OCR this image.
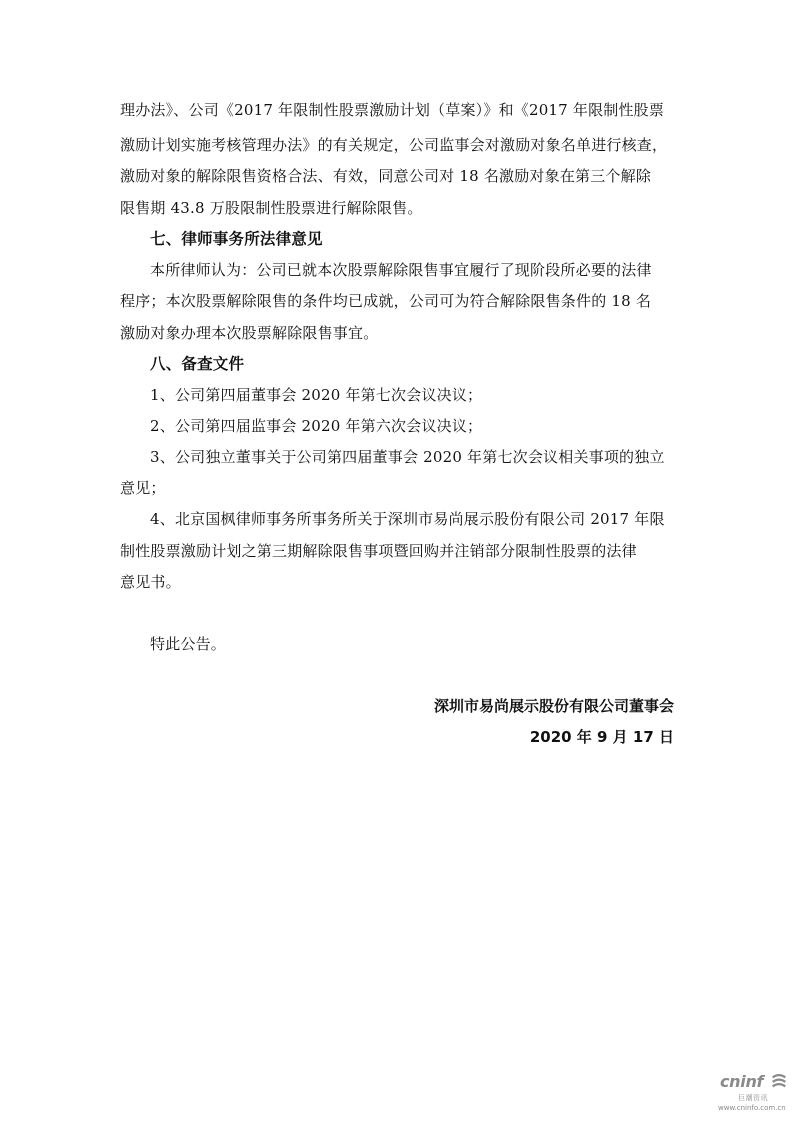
理办法》、公司《2017 年限制性股票激励计划（草案）》和《2017 年限制性股票
激励计划实施考核管理办法》的有关规定，公司监事会对激励对象名单进行核查，
激励对象的解除限售资格合法、有效，同意公司对 18 名激励对象在第三个解除
限售期 43.8 万股限制性股票进行解除限售。
七、律师事务所法律意见
本所律师认为：公司已就本次股票解除限售事宜履行了现阶段所必要的法律
程序；本次股票解除限售的条件均已成就，公司可为符合解除限售条件的 18 名
激励对象办理本次股票解除限售事宜。
八、备查文件
1、公司第四届董事会 2020 年第七次会议决议；
2、公司第四届监事会 2020 年第六次会议决议；
3、公司独立董事关于公司第四届董事会 2020 年第七次会议相关事项的独立
意见；
4、北京国枫律师事务所事务所关于深圳市易尚展示股份有限公司 2017 年限
制性股票激励计划之第三期解除限售事项暨回购并注销部分限制性股票的法律
意见书。
特此公告。
深圳市易尚展示股份有限公司董事会
2020 年 9 月 17 日
cninf
巨潮资讯
www.cninfo.com.cn
